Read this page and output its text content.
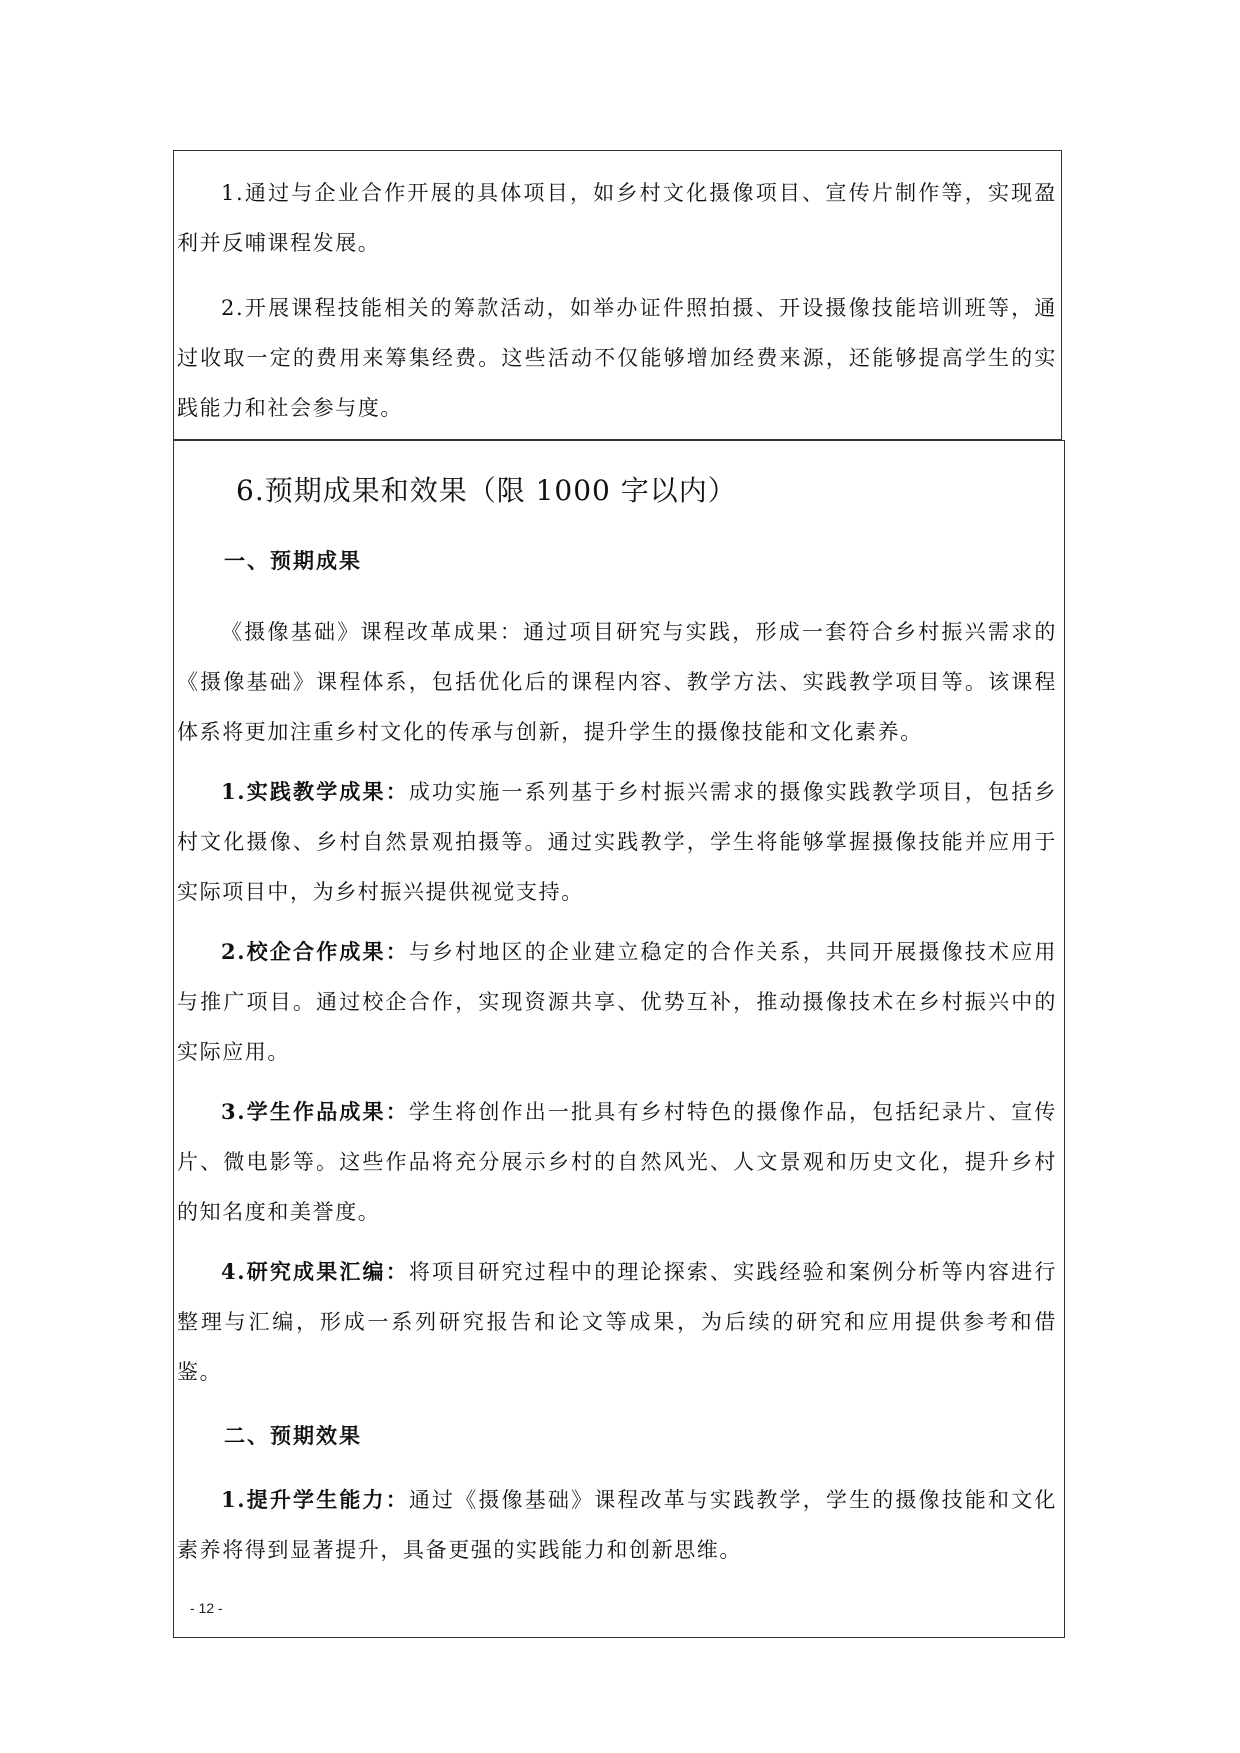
1.通过与企业合作开展的具体项目，如乡村文化摄像项目、宣传片制作等，实现盈利并反哺课程发展。

2.开展课程技能相关的筹款活动，如举办证件照拍摄、开设摄像技能培训班等，通过收取一定的费用来筹集经费。这些活动不仅能够增加经费来源，还能够提高学生的实践能力和社会参与度。

6.预期成果和效果（限 1000 字以内）

一、预期成果

《摄像基础》课程改革成果：通过项目研究与实践，形成一套符合乡村振兴需求的《摄像基础》课程体系，包括优化后的课程内容、教学方法、实践教学项目等。该课程体系将更加注重乡村文化的传承与创新，提升学生的摄像技能和文化素养。

1.实践教学成果：成功实施一系列基于乡村振兴需求的摄像实践教学项目，包括乡村文化摄像、乡村自然景观拍摄等。通过实践教学，学生将能够掌握摄像技能并应用于实际项目中，为乡村振兴提供视觉支持。

2.校企合作成果：与乡村地区的企业建立稳定的合作关系，共同开展摄像技术应用与推广项目。通过校企合作，实现资源共享、优势互补，推动摄像技术在乡村振兴中的实际应用。

3.学生作品成果：学生将创作出一批具有乡村特色的摄像作品，包括纪录片、宣传片、微电影等。这些作品将充分展示乡村的自然风光、人文景观和历史文化，提升乡村的知名度和美誉度。

4.研究成果汇编：将项目研究过程中的理论探索、实践经验和案例分析等内容进行整理与汇编，形成一系列研究报告和论文等成果，为后续的研究和应用提供参考和借鉴。

二、预期效果

1.提升学生能力：通过《摄像基础》课程改革与实践教学，学生的摄像技能和文化素养将得到显著提升，具备更强的实践能力和创新思维。

- 12 -
